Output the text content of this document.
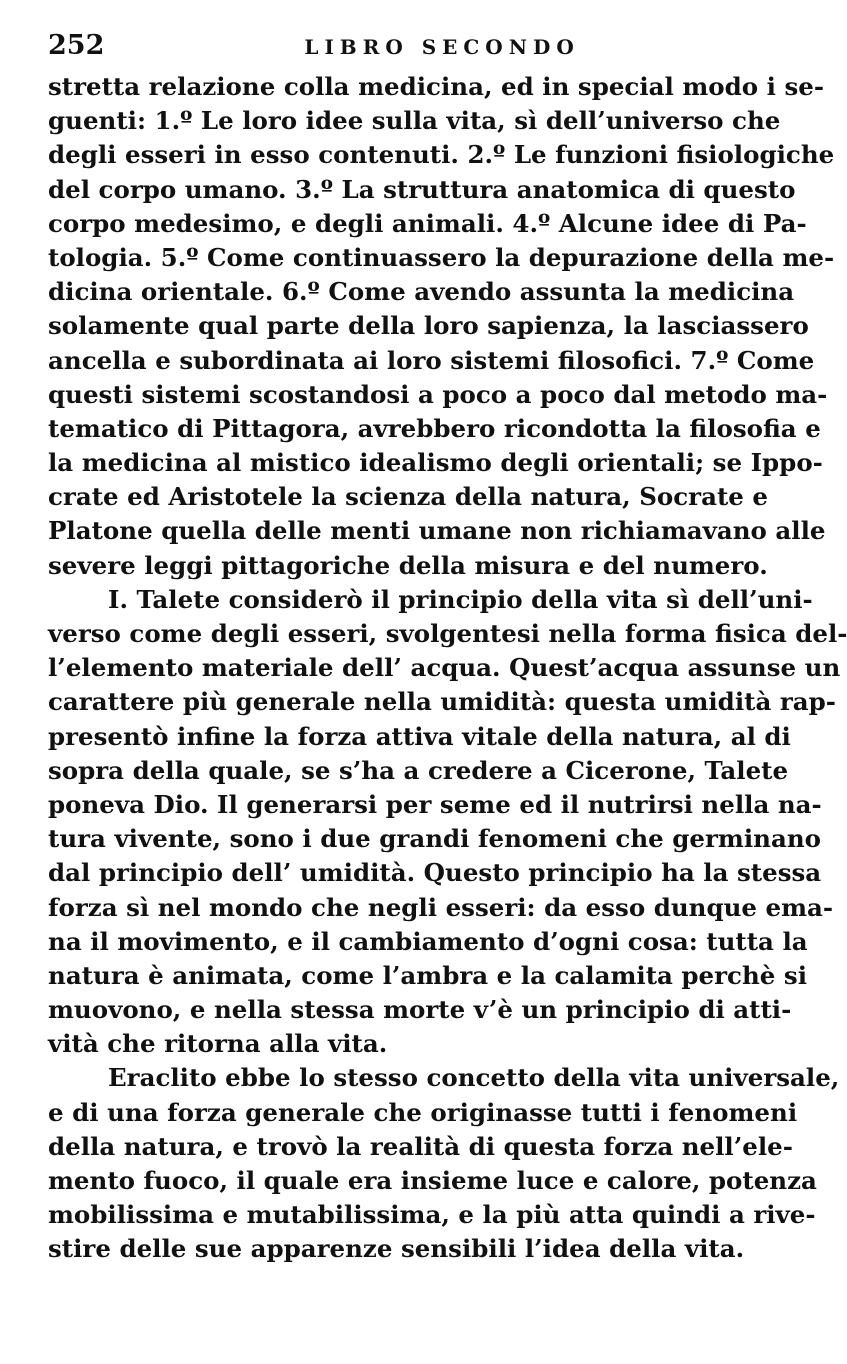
252	LIBRO SECONDO
stretta relazione colla medicina, ed in special modo i se-
guenti: 1.º Le loro idee sulla vita, sì dell’universo che
degli esseri in esso contenuti. 2.º Le funzioni fisiologiche
del corpo umano. 3.º La struttura anatomica di questo
corpo medesimo, e degli animali. 4.º Alcune idee di Pa-
tologia. 5.º Come continuassero la depurazione della me-
dicina orientale. 6.º Come avendo assunta la medicina
solamente qual parte della loro sapienza, la lasciassero
ancella e subordinata ai loro sistemi filosofici. 7.º Come
questi sistemi scostandosi a poco a poco dal metodo ma-
tematico di Pittagora, avrebbero ricondotta la filosofia e
la medicina al mistico idealismo degli orientali; se Ippo-
crate ed Aristotele la scienza della natura, Socrate e
Platone quella delle menti umane non richiamavano alle
severe leggi pittagoriche della misura e del numero.
I. Talete considerò il principio della vita sì dell’uni-
verso come degli esseri, svolgentesi nella forma fisica del-
l’elemento materiale dell’ acqua. Quest’acqua assunse un
carattere più generale nella umidità: questa umidità rap-
presentò infine la forza attiva vitale della natura, al di
sopra della quale, se s’ha a credere a Cicerone, Talete
poneva Dio. Il generarsi per seme ed il nutrirsi nella na-
tura vivente, sono i due grandi fenomeni che germinano
dal principio dell’ umidità. Questo principio ha la stessa
forza sì nel mondo che negli esseri: da esso dunque ema-
na il movimento, e il cambiamento d’ogni cosa: tutta la
natura è animata, come l’ambra e la calamita perchè si
muovono, e nella stessa morte v’è un principio di atti-
vità che ritorna alla vita.
Eraclito ebbe lo stesso concetto della vita universale,
e di una forza generale che originasse tutti i fenomeni
della natura, e trovò la realità di questa forza nell’ele-
mento fuoco, il quale era insieme luce e calore, potenza
mobilissima e mutabilissima, e la più atta quindi a rive-
stire delle sue apparenze sensibili l’idea della vita.
